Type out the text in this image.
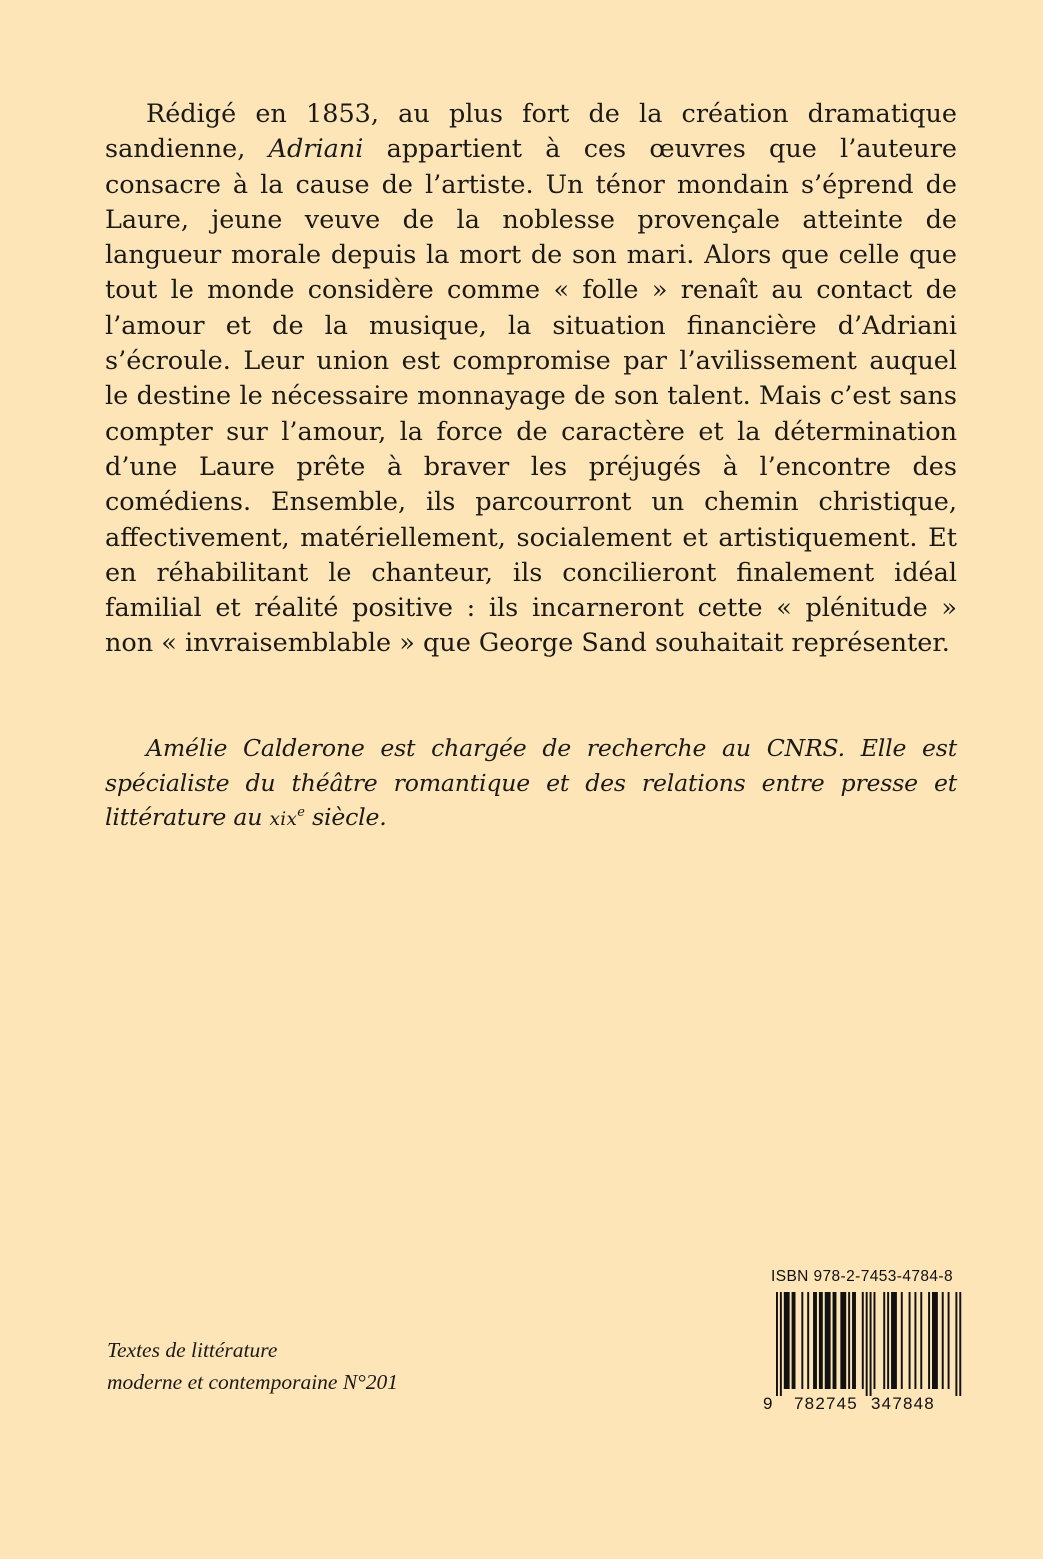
Rédigé en 1853, au plus fort de la création dramatique sandienne, Adriani appartient à ces œuvres que l’auteure consacre à la cause de l’artiste. Un ténor mondain s’éprend de Laure, jeune veuve de la noblesse provençale atteinte de langueur morale depuis la mort de son mari. Alors que celle que tout le monde considère comme « folle » renaît au contact de l’amour et de la musique, la situation financière d’Adriani s’écroule. Leur union est compromise par l’avilissement auquel le destine le nécessaire monnayage de son talent. Mais c’est sans compter sur l’amour, la force de caractère et la détermination d’une Laure prête à braver les préjugés à l’encontre des comédiens. Ensemble, ils parcourront un chemin christique, affectivement, matériellement, socialement et artistiquement. Et en réhabilitant le chanteur, ils concilieront finalement idéal familial et réalité positive : ils incarneront cette « plénitude » non « invraisemblable » que George Sand souhaitait représenter.

Amélie Calderone est chargée de recherche au CNRS. Elle est spécialiste du théâtre romantique et des relations entre presse et littérature au xix$^e$ siècle.

Textes de littérature
moderne et contemporaine N°201

ISBN 978-2-7453-4784-8
9 782745 347848
